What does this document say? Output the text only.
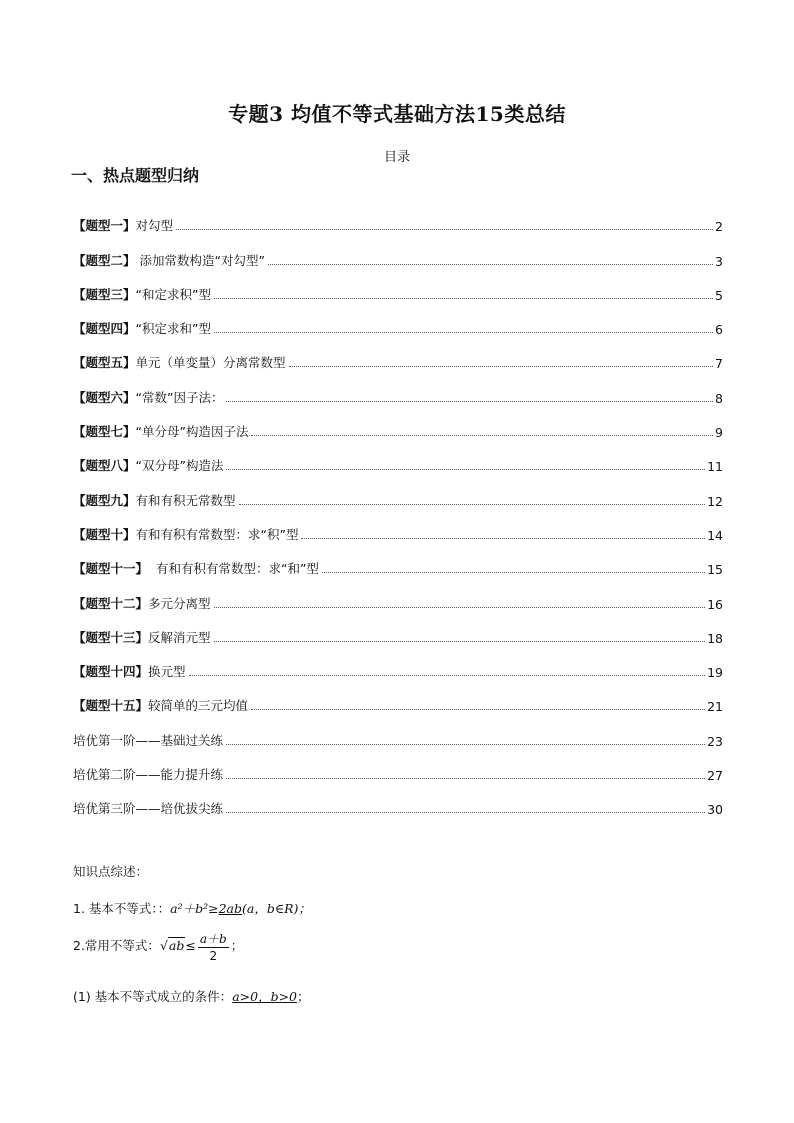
专题3 均值不等式基础方法15类总结
目录
一、热点题型归纳
【题型一】对勾型	2
【题型二】 添加常数构造“对勾型”	3
【题型三】“和定求积”型	5
【题型四】“积定求和”型	6
【题型五】单元（单变量）分离常数型	7
【题型六】“常数”因子法：	8
【题型七】“单分母”构造因子法	9
【题型八】“双分母”构造法	11
【题型九】有和有积无常数型	12
【题型十】有和有积有常数型：求“积”型	14
【题型十一】  有和有积有常数型：求“和”型	15
【题型十二】多元分离型	16
【题型十三】反解消元型	18
【题型十四】换元型	19
【题型十五】较简单的三元均值	21
培优第一阶——基础过关练	23
培优第二阶——能力提升练	27
培优第三阶——培优拔尖练	30
知识点综述：
1. 基本不等式：：a²＋b²≥2ab(a，b∈R)；
2.常用不等式：$√ab\le \frac{a+b}{2}$ ；
(1) 基本不等式成立的条件：a>0，b>0；
